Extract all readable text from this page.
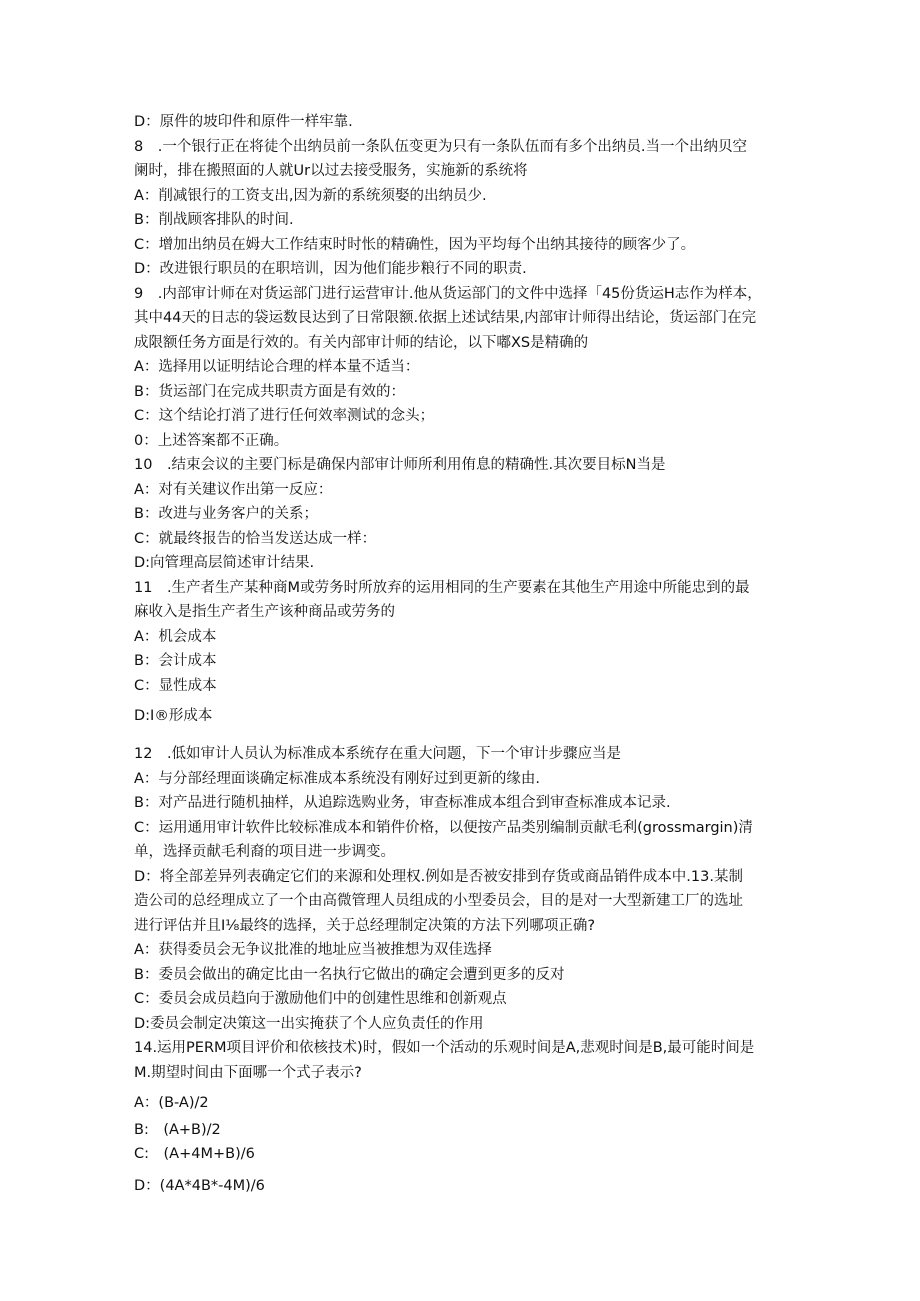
D：原件的坡印件和原件一样牢靠.
8　.一个银行正在将徒个出纳员前一条队伍变更为只有一条队伍而有多个出纳员.当一个出纳贝空
阑时，排在搬照面的人就Ur以过去接受服务，实施新的系统将
A：削减银行的工资支出,因为新的系统须娶的出纳员少.
B：削战顾客排队的时间.
C：增加出纳员在姆大工作结束时时怅的精确性，因为平均每个出纳其接待的顾客少了。
D：改进银行职员的在职培训，因为他们能步粮行不同的职责.
9　.内部审计师在对货运部门进行运营审计.他从货运部门的文件中选择「45份货运H志作为样本，
其中44天的日志的袋运数艮达到了日常限额.依据上述试结果,内部审计师得出结论，货运部门在完
成限额任务方面是行效的。有关内部审计师的结论，以下嘟XS是精确的
A：选择用以证明结论合理的样本量不适当：
B：货运部门在完成共职责方面是有效的：
C：这个结论打消了进行任何效率测试的念头；
0：上述答案都不正确。
10　.结束会议的主要门标是确保内部审计师所利用侑息的精确性.其次要目标N当是
A：对有关建议作出第一反应：
B：改进与业务客户的关系；
C：就最终报告的恰当发送达成一样：
D:向管理高层简述审计结果.
11　.生产者生产某种商M或劳务时所放弃的运用相同的生产要素在其他生产用途中所能忠到的最
麻收入是指生产者生产该种商品或劳务的
A：机会成本
B：会计成本
C：显性成本
D:I®形成本
12　.低如审计人员认为标准成本系统存在重大问题，下一个审计步骤应当是
A：与分部经理面谈确定标准成本系统没有刚好过到更新的缘由.
B：对产品进行随机抽样，从追踪选购业务，审查标准成本组合到审查标准成本记录.
C：运用通用审计软件比较标准成本和销件价格，以便按产品类别编制贡献毛利(grossmargin)清
单，选择贡献毛利裔的项目进一步调变。
D：将全部差异列表确定它们的来源和处理权.例如是否被安排到存货或商品销件成本中.13.某制
造公司的总经理成立了一个由高微管理人员组成的小型委员会，目的是对一大型新建工厂的选址
进行评估并且I⅛最终的选择，关于总经理制定决策的方法下列哪项正确?
A：获得委员会无争议批准的地址应当被推想为双佳选择
B：委员会做出的确定比由一名执行它做出的确定会遭到更多的反对
C：委员会成员趋向于激励他们中的创建性思维和创新观点
D:委员会制定决策这一出实掩获了个人应负责任的作用
14.运用PERM项目评价和依核技术)时，假如一个活动的乐观时间是A,悲观时间是B,最可能时间是
M.期望时间由下面哪一个式子表示?
A：(B-A)∕2
B:　(A+B)∕2
C:　(A+4M+B)∕6
D：(4A*4B*-4M)∕6
